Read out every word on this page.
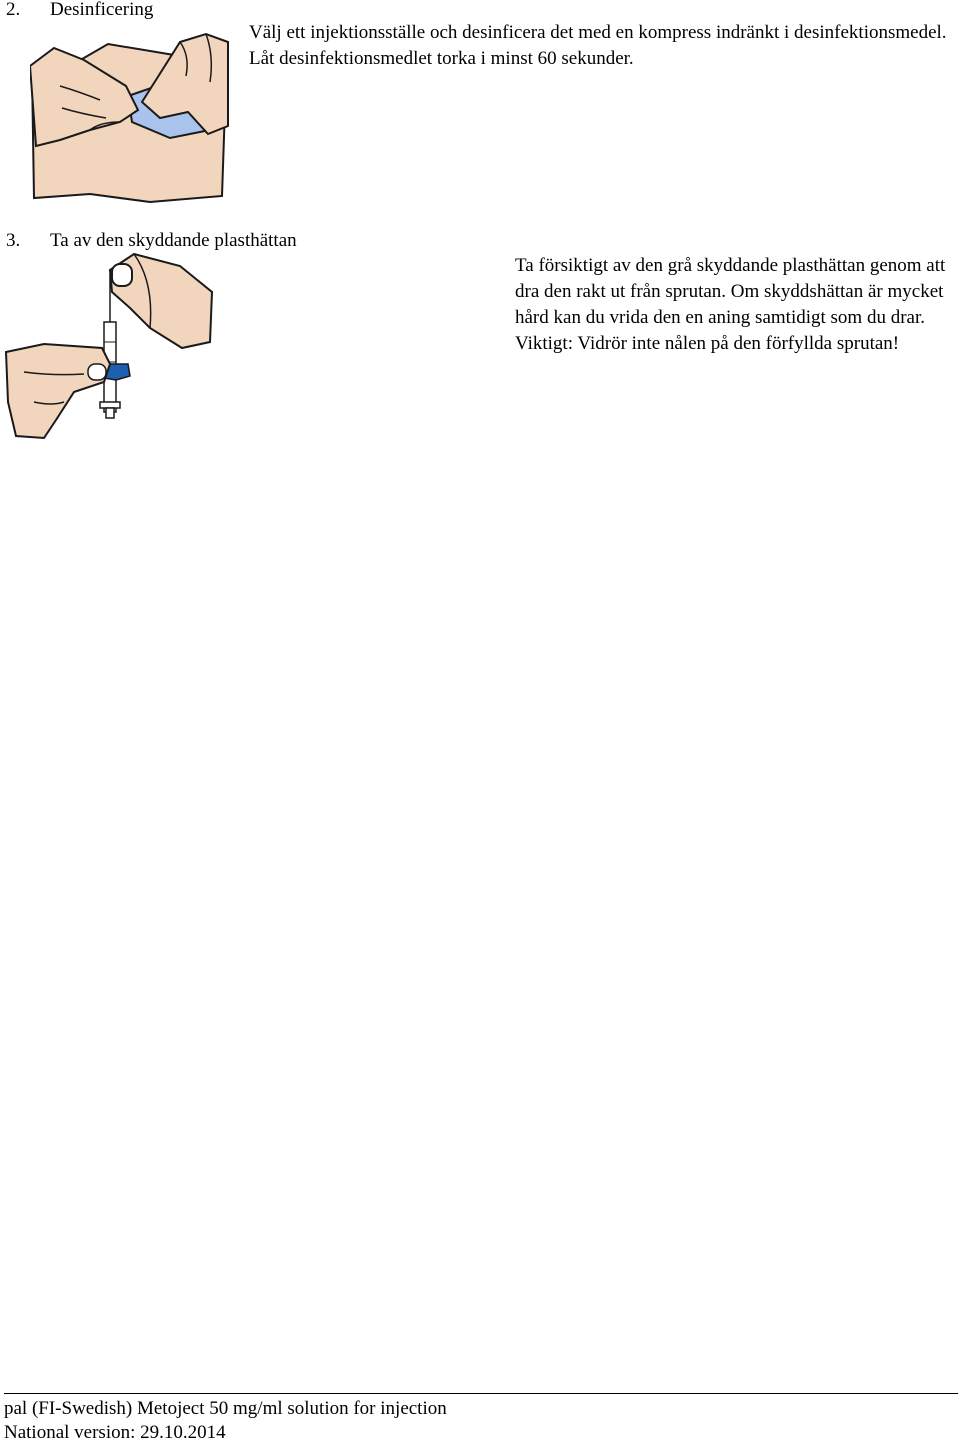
2. Desinficering

Välj ett injektionsställe och desinficera det med en kompress indränkt i desinfektionsmedel.

Låt desinfektionsmedlet torka i minst 60 sekunder.

3. Ta av den skyddande plasthättan

Ta försiktigt av den grå skyddande plasthättan genom att dra den rakt ut från sprutan. Om skyddshättan är mycket hård kan du vrida den en aning samtidigt som du drar.

Viktigt: Vidrör inte nålen på den förfyllda sprutan!

pal (FI-Swedish) Metoject 50 mg/ml solution for injection
National version: 29.10.2014
